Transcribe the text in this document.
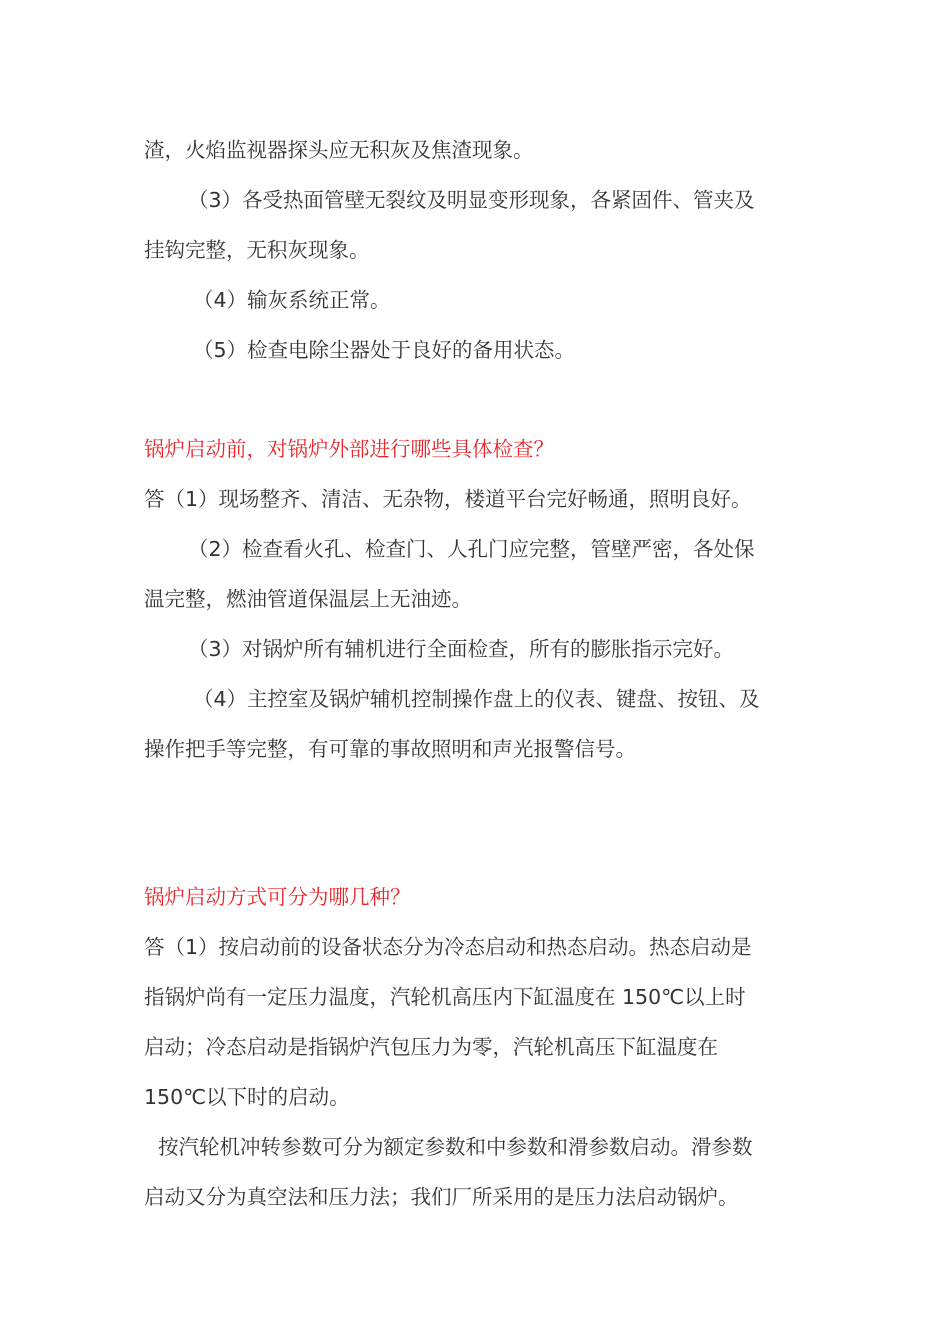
渣，火焰监视器探头应无积灰及焦渣现象。
（3）各受热面管壁无裂纹及明显变形现象，各紧固件、管夹及
挂钩完整，无积灰现象。
（4）输灰系统正常。
（5）检查电除尘器处于良好的备用状态。
锅炉启动前，对锅炉外部进行哪些具体检查？
答（1）现场整齐、清洁、无杂物，楼道平台完好畅通，照明良好。
（2）检查看火孔、检查门、人孔门应完整，管壁严密，各处保
温完整，燃油管道保温层上无油迹。
（3）对锅炉所有辅机进行全面检查，所有的膨胀指示完好。
（4）主控室及锅炉辅机控制操作盘上的仪表、键盘、按钮、及
操作把手等完整，有可靠的事故照明和声光报警信号。
锅炉启动方式可分为哪几种？
答（1）按启动前的设备状态分为冷态启动和热态启动。热态启动是
指锅炉尚有一定压力温度，汽轮机高压内下缸温度在 150℃以上时
启动；冷态启动是指锅炉汽包压力为零，汽轮机高压下缸温度在
150℃以下时的启动。
按汽轮机冲转参数可分为额定参数和中参数和滑参数启动。滑参数
启动又分为真空法和压力法；我们厂所采用的是压力法启动锅炉。
